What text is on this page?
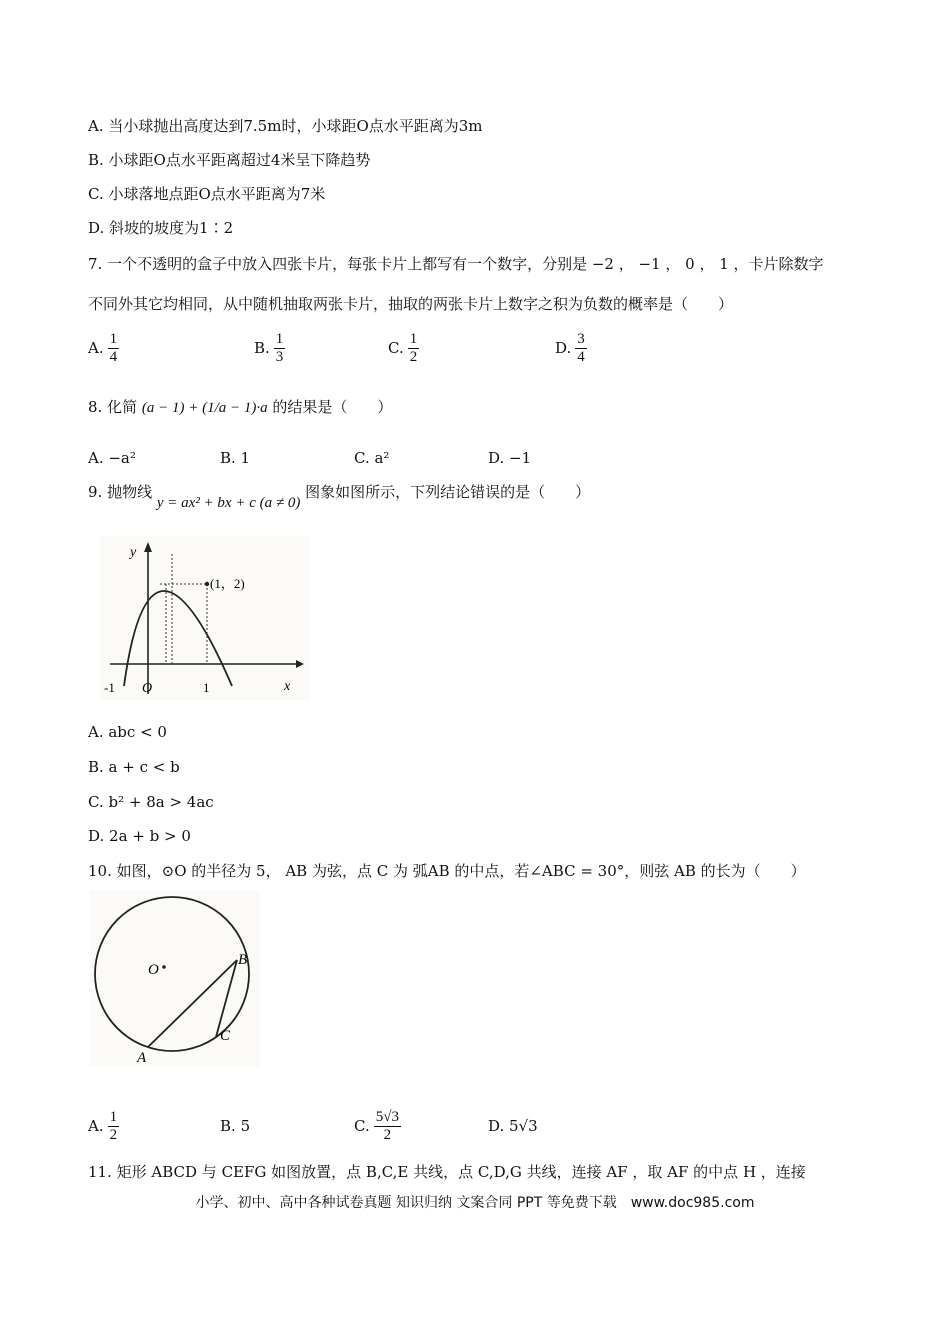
A. 当小球抛出高度达到7.5m时，小球距O点水平距离为3m
B. 小球距O点水平距离超过4米呈下降趋势
C. 小球落地点距O点水平距离为7米
D. 斜坡的坡度为1∶2
7. 一个不透明的盒子中放入四张卡片，每张卡片上都写有一个数字，分别是 −2 ， −1 ， 0 ， 1 ，卡片除数字
不同外其它均相同，从中随机抽取两张卡片，抽取的两张卡片上数字之积为负数的概率是（　　）
A. $\frac{1}{4}$	B. $\frac{1}{3}$	C. $\frac{1}{2}$	D. $\frac{3}{4}$
8. 化简 (a − 1) + (1/a − 1)·a 的结果是（　　）
A. −a²	B. 1	C. a²	D. −1
9. 抛物线 y = ax² + bx + c (a ≠ 0) 图象如图所示，下列结论错误的是（　　）
y
x
O
-1	1
(1，2)
A. abc < 0
B. a + c < b
C. b² + 8a > 4ac
D. 2a + b > 0
10. 如图，⊙O 的半径为 5， AB 为弦，点 C 为 弧AB 的中点，若∠ABC = 30°，则弦 AB 的长为（　　）
O
B
C
A
A. $\frac{1}{2}$	B.
5	C. $\frac{5√3}{2}$	D.
5√3
11. 矩形 ABCD 与 CEFG 如图放置，点 B,C,E 共线，点 C,D,G 共线，连接 AF ，取 AF 的中点 H ，连接
小学、初中、高中各种试卷真题 知识归纳 文案合同 PPT 等免费下载　www.doc985.com
